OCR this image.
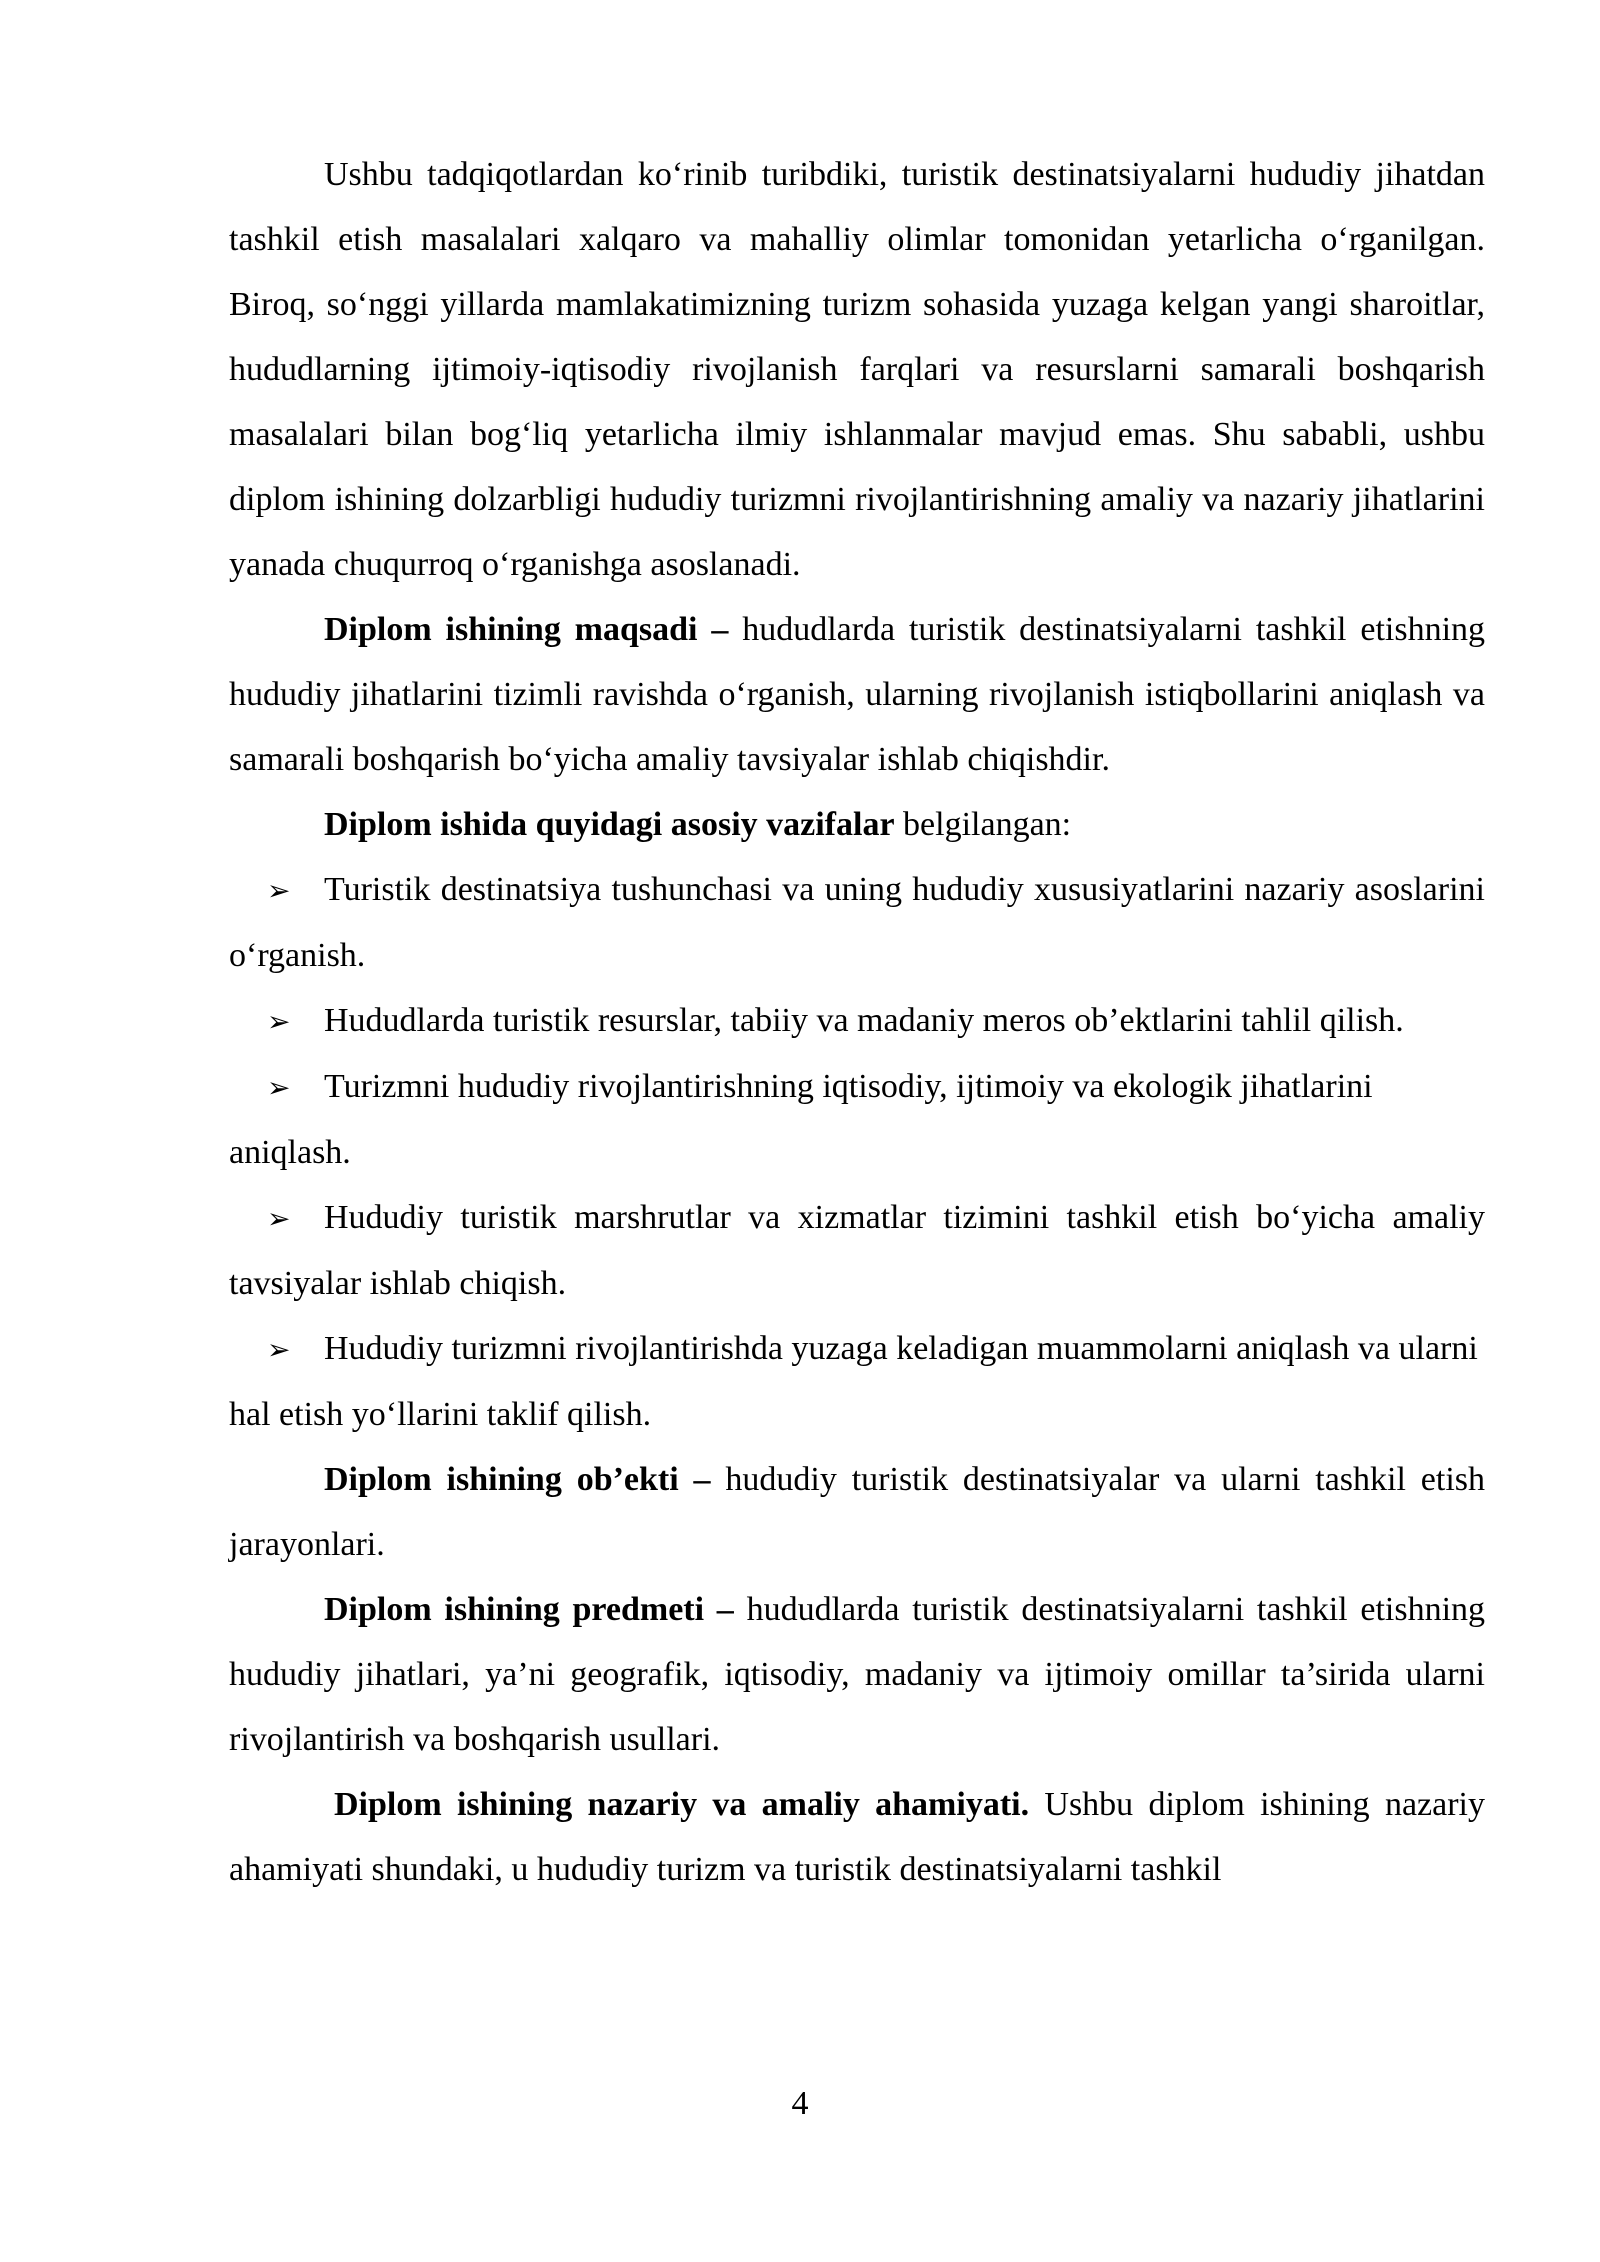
Ushbu tadqiqotlardan ko‘rinib turibdiki, turistik destinatsiyalarni hududiy jihatdan tashkil etish masalalari xalqaro va mahalliy olimlar tomonidan yetarlicha o‘rganilgan. Biroq, so‘nggi yillarda mamlakatimizning turizm sohasida yuzaga kelgan yangi sharoitlar, hududlarning ijtimoiy-iqtisodiy rivojlanish farqlari va resurslarni samarali boshqarish masalalari bilan bog‘liq yetarlicha ilmiy ishlanmalar mavjud emas. Shu sababli, ushbu diplom ishining dolzarbligi hududiy turizmni rivojlantirishning amaliy va nazariy jihatlarini yanada chuqurroq o‘rganishga asoslanadi.

Diplom ishining maqsadi – hududlarda turistik destinatsiyalarni tashkil etishning hududiy jihatlarini tizimli ravishda o‘rganish, ularning rivojlanish istiqbollarini aniqlash va samarali boshqarish bo‘yicha amaliy tavsiyalar ishlab chiqishdir.

Diplom ishida quyidagi asosiy vazifalar belgilangan:

➢ Turistik destinatsiya tushunchasi va uning hududiy xususiyatlarini nazariy asoslarini o‘rganish.

➢ Hududlarda turistik resurslar, tabiiy va madaniy meros ob’ektlarini tahlil qilish.

➢ Turizmni hududiy rivojlantirishning iqtisodiy, ijtimoiy va ekologik jihatlarini aniqlash.

➢ Hududiy turistik marshrutlar va xizmatlar tizimini tashkil etish bo‘yicha amaliy tavsiyalar ishlab chiqish.

➢ Hududiy turizmni rivojlantirishda yuzaga keladigan muammolarni aniqlash va ularni hal etish yo‘llarini taklif qilish.

Diplom ishining ob’ekti – hududiy turistik destinatsiyalar va ularni tashkil etish jarayonlari.

Diplom ishining predmeti – hududlarda turistik destinatsiyalarni tashkil etishning hududiy jihatlari, ya’ni geografik, iqtisodiy, madaniy va ijtimoiy omillar ta’sirida ularni rivojlantirish va boshqarish usullari.

Diplom ishining nazariy va amaliy ahamiyati. Ushbu diplom ishining nazariy ahamiyati shundaki, u hududiy turizm va turistik destinatsiyalarni tashkil

4
